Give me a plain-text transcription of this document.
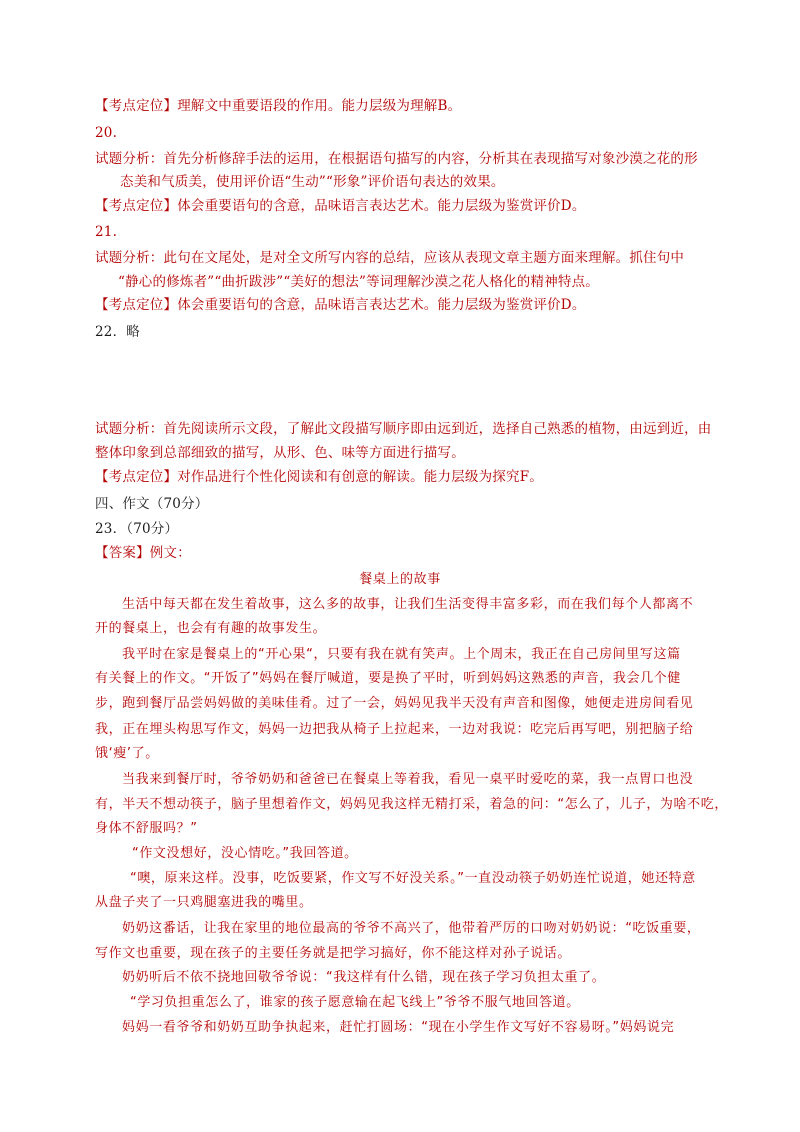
【考点定位】理解文中重要语段的作用。能力层级为理解B。
20.
试题分析：首先分析修辞手法的运用，在根据语句描写的内容，分析其在表现描写对象沙漠之花的形
态美和气质美，使用评价语“生动”“形象”评价语句表达的效果。
【考点定位】体会重要语句的含意，品味语言表达艺术。能力层级为鉴赏评价D。
21.
试题分析：此句在文尾处，是对全文所写内容的总结，应该从表现文章主题方面来理解。抓住句中
“静心的修炼者”“曲折跋涉”“美好的想法”等词理解沙漠之花人格化的精神特点。
【考点定位】体会重要语句的含意，品味语言表达艺术。能力层级为鉴赏评价D。
22．略
试题分析：首先阅读所示文段，了解此文段描写顺序即由远到近，选择自己熟悉的植物，由远到近，由
整体印象到总部细致的描写，从形、色、味等方面进行描写。
【考点定位】对作品进行个性化阅读和有创意的解读。能力层级为探究F。
四、作文（70分）
23．（70分）
【答案】例文：
餐桌上的故事
生活中每天都在发生着故事，这么多的故事，让我们生活变得丰富多彩，而在我们每个人都离不
开的餐桌上，也会有有趣的故事发生。
我平时在家是餐桌上的“开心果“，只要有我在就有笑声。上个周末，我正在自己房间里写这篇
有关餐上的作文。“开饭了”妈妈在餐厅喊道，要是换了平时，听到妈妈这熟悉的声音，我会几个健
步，跑到餐厅品尝妈妈做的美味佳肴。过了一会，妈妈见我半天没有声音和图像，她便走进房间看见
我，正在埋头构思写作文，妈妈一边把我从椅子上拉起来，一边对我说：吃完后再写吧，别把脑子给
饿‘瘦’了。
当我来到餐厅时，爷爷奶奶和爸爸已在餐桌上等着我，看见一桌平时爱吃的菜，我一点胃口也没
有，半天不想动筷子，脑子里想着作文，妈妈见我这样无精打采，着急的问：“怎么了，儿子，为啥不吃，
身体不舒服吗？”
“作文没想好，没心情吃。”我回答道。
“噢，原来这样。没事，吃饭要紧，作文写不好没关系。”一直没动筷子奶奶连忙说道，她还特意
从盘子夹了一只鸡腿塞进我的嘴里。
奶奶这番话，让我在家里的地位最高的爷爷不高兴了，他带着严厉的口吻对奶奶说：“吃饭重要，
写作文也重要，现在孩子的主要任务就是把学习搞好，你不能这样对孙子说话。
奶奶听后不依不挠地回敬爷爷说：“我这样有什么错，现在孩子学习负担太重了。
“学习负担重怎么了，谁家的孩子愿意输在起飞线上”爷爷不服气地回答道。
妈妈一看爷爷和奶奶互助争执起来，赶忙打圆场：“现在小学生作文写好不容易呀。”妈妈说完
